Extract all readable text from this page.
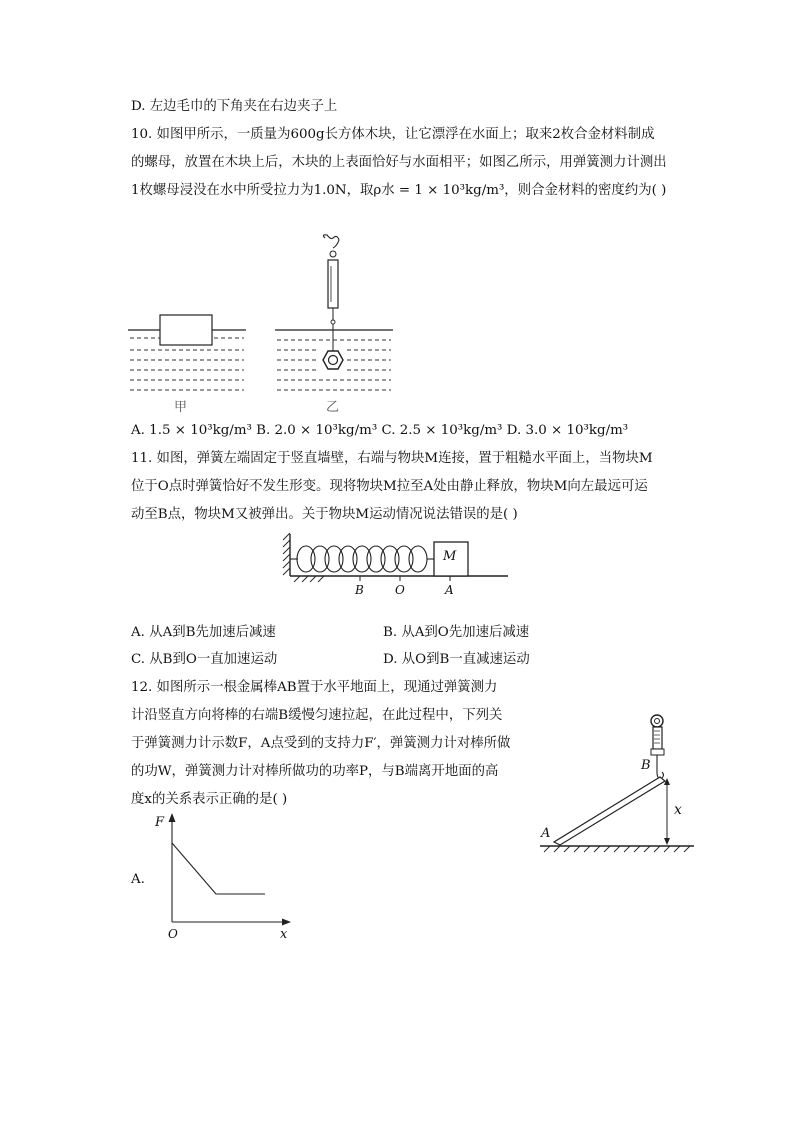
D. 左边毛巾的下角夹在右边夹子上
10. 如图甲所示，一质量为600g长方体木块，让它漂浮在水面上；取来2枚合金材料制成
的螺母，放置在木块上后，木块的上表面恰好与水面相平；如图乙所示，用弹簧测力计测出
1枚螺母浸没在水中所受拉力为1.0N，取ρ水 = 1 × 10³kg/m³，则合金材料的密度约为( )
甲	乙
A. 1.5 × 10³kg/m³ B. 2.0 × 10³kg/m³ C. 2.5 × 10³kg/m³ D. 3.0 × 10³kg/m³
11. 如图，弹簧左端固定于竖直墙壁，右端与物块M连接，置于粗糙水平面上，当物块M
位于O点时弹簧恰好不发生形变。现将物块M拉至A处由静止释放，物块M向左最远可运
动至B点，物块M又被弹出。关于物块M运动情况说法错误的是( )
M
B	O	A
A. 从A到B先加速后减速	B. 从A到O先加速后减速
C. 从B到O一直加速运动	D. 从O到B一直减速运动
12. 如图所示一根金属棒AB置于水平地面上，现通过弹簧测力
计沿竖直方向将棒的右端B缓慢匀速拉起，在此过程中，下列关
于弹簧测力计示数F，A点受到的支持力F′，弹簧测力计对棒所做
的功W，弹簧测力计对棒所做功的功率P，与B端离开地面的高
度x的关系表示正确的是( )
B
A
x
A.
F
O	x
